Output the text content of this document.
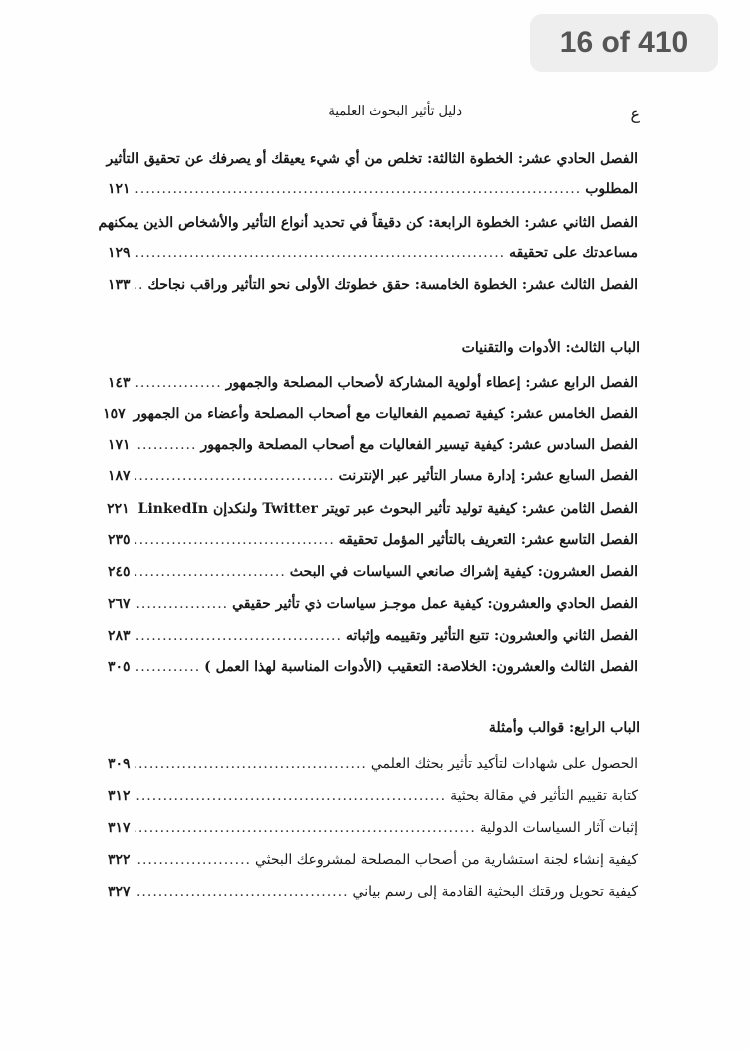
16 of 410
ع
دليل تأثير البحوث العلمية
الفصل الحادي عشر: الخطوة الثالثة: تخلص من أي شيء يعيقك أو يصرفك عن تحقيق التأثير
المطلوب
.....
١٢١
الفصل الثاني عشر: الخطوة الرابعة: كن دقيقاً في تحديد أنواع التأثير والأشخاص الذين يمكنهم
مساعدتك على تحقيقه
.....
١٢٩
الفصل الثالث عشر: الخطوة الخامسة: حقق خطوتك الأولى نحو التأثير وراقب نجاحك
.....
١٣٣
الباب الثالث: الأدوات والتقنيات
الفصل الرابع عشر: إعطاء أولوية المشاركة لأصحاب المصلحة والجمهور
.....
١٤٣
الفصل الخامس عشر: كيفية تصميم الفعاليات مع أصحاب المصلحة وأعضاء من الجمهور
١٥٧
الفصل السادس عشر: كيفية تيسير الفعاليات مع أصحاب المصلحة والجمهور
.....
١٧١
الفصل السابع عشر: إدارة مسار التأثير عبر الإنترنت
.....
١٨٧
الفصل الثامن عشر: كيفية توليد تأثير البحوث عبر تويتر Twitter ولنكدإن LinkedIn
٢٢١
الفصل التاسع عشر: التعريف بالتأثير المؤمل تحقيقه
.....
٢٣٥
الفصل العشرون: كيفية إشراك صانعي السياسات في البحث
.....
٢٤٥
الفصل الحادي والعشرون: كيفية عمل موجـز سياسات ذي تأثير حقيقي
.....
٢٦٧
الفصل الثاني والعشرون: تتبع التأثير وتقييمه وإثباته
.....
٢٨٣
الفصل الثالث والعشرون: الخلاصة: التعقيب (الأدوات المناسبة لهذا العمل )
.....
٣٠٥
الباب الرابع: قوالب وأمثلة
الحصول على شهادات لتأكيد تأثير بحثك العلمي
.....
٣٠٩
كتابة تقييم التأثير في مقالة بحثية
.....
٣١٢
إثبات آثار السياسات الدولية
.....
٣١٧
كيفية إنشاء لجنة استشارية من أصحاب المصلحة لمشروعك البحثي
.....
٣٢٢
كيفية تحويل ورقتك البحثية القادمة إلى رسم بياني
.....
٣٢٧
